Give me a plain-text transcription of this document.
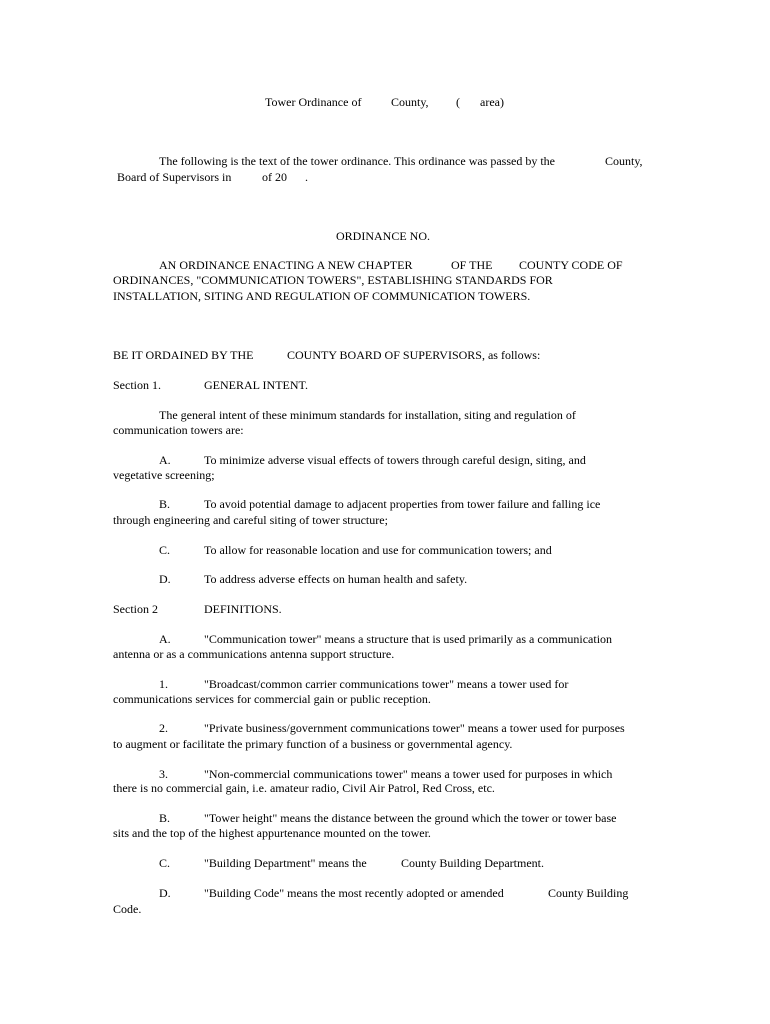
Tower Ordinance of County, ( area)
The following is the text of the tower ordinance. This ordinance was passed by the	County,
Board of Supervisors in	of 20 .
ORDINANCE NO.
AN ORDINANCE ENACTING A NEW CHAPTER	OF THE COUNTY CODE OF
ORDINANCES, "COMMUNICATION TOWERS", ESTABLISHING STANDARDS FOR
INSTALLATION, SITING AND REGULATION OF COMMUNICATION TOWERS.
BE IT ORDAINED BY THE	COUNTY BOARD OF SUPERVISORS, as follows:
Section 1.	GENERAL INTENT.
The general intent of these minimum standards for installation, siting and regulation of
communication towers are:
A.	To minimize adverse visual effects of towers through careful design, siting, and
vegetative screening;
B.	To avoid potential damage to adjacent properties from tower failure and falling ice
through engineering and careful siting of tower structure;
C.	To allow for reasonable location and use for communication towers; and
D.	To address adverse effects on human health and safety.
Section 2	DEFINITIONS.
A.	"Communication tower" means a structure that is used primarily as a communication
antenna or as a communications antenna support structure.
1.	"Broadcast/common carrier communications tower" means a tower used for
communications services for commercial gain or public reception.
2.	"Private business/government communications tower" means a tower used for purposes
to augment or facilitate the primary function of a business or governmental agency.
3.	"Non-commercial communications tower" means a tower used for purposes in which
there is no commercial gain, i.e. amateur radio, Civil Air Patrol, Red Cross, etc.
B.	"Tower height" means the distance between the ground which the tower or tower base
sits and the top of the highest appurtenance mounted on the tower.
C.	"Building Department" means the	County Building Department.
D.	"Building Code" means the most recently adopted or amended	County Building
Code.
